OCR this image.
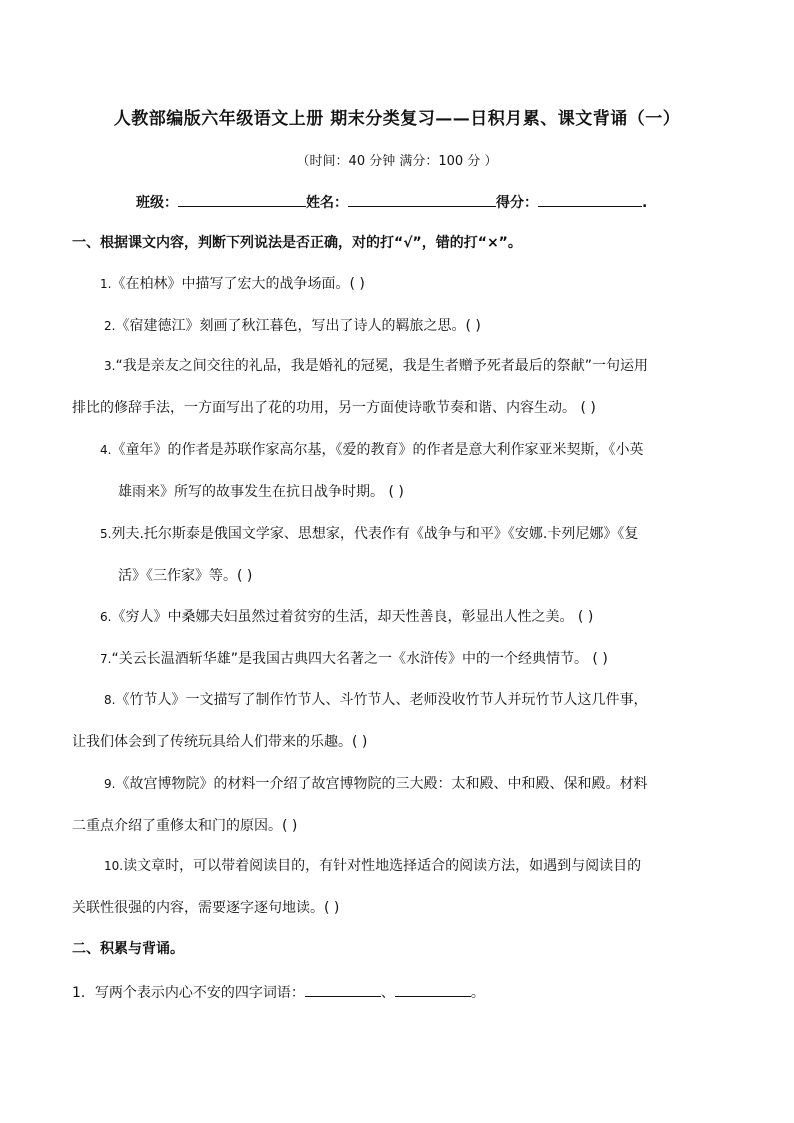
人教部编版六年级语文上册 期末分类复习——日积月累、课文背诵（一）
（时间：40 分钟 满分：100 分 ）
班级：	姓名：	得分：	.
一、根据课文内容，判断下列说法是否正确，对的打“√”，错的打“×”。
1.《在柏林》中描写了宏大的战争场面。( )
2.《宿建德江》刻画了秋江暮色，写出了诗人的羁旅之思。( )
3.“我是亲友之间交往的礼品，我是婚礼的冠冕，我是生者赠予死者最后的祭献”一句运用
排比的修辞手法，一方面写出了花的功用，另一方面使诗歌节奏和谐、内容生动。 ( )
4.《童年》的作者是苏联作家高尔基，《爱的教育》的作者是意大利作家亚米契斯，《小英
雄雨来》所写的故事发生在抗日战争时期。 ( )
5.列夫.托尔斯泰是俄国文学家、思想家，代表作有《战争与和平》《安娜.卡列尼娜》《复
活》《三作家》等。( )
6.《穷人》中桑娜夫妇虽然过着贫穷的生活，却天性善良，彰显出人性之美。 ( )
7.“关云长温酒斩华雄”是我国古典四大名著之一《水浒传》中的一个经典情节。 ( )
8.《竹节人》一文描写了制作竹节人、斗竹节人、老师没收竹节人并玩竹节人这几件事，
让我们体会到了传统玩具给人们带来的乐趣。( )
9.《故宫博物院》的材料一介绍了故宫博物院的三大殿：太和殿、中和殿、保和殿。材料
二重点介绍了重修太和门的原因。( )
10.读文章时，可以带着阅读目的，有针对性地选择适合的阅读方法，如遇到与阅读目的
关联性很强的内容，需要逐字逐句地读。( )
二、积累与背诵。
1．写两个表示内心不安的四字词语：	、	。
